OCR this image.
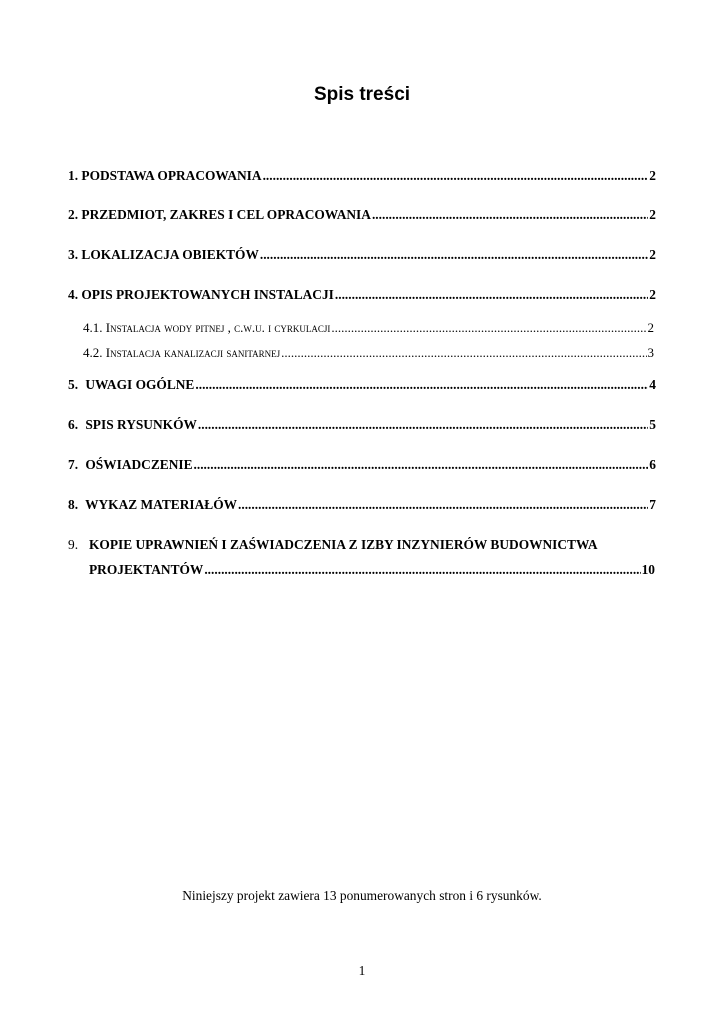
Spis treści
1. PODSTAWA OPRACOWANIA .....	2
2. PRZEDMIOT, ZAKRES I CEL OPRACOWANIA .....	2
3. LOKALIZACJA OBIEKTÓW .....	2
4. OPIS PROJEKTOWANYCH INSTALACJI .....	2
4.1. Instalacja wody pitnej , c.w.u. i cyrkulacji .....	2
4.2. Instalacja kanalizacji sanitarnej .....	3
5. UWAGI OGÓLNE .....	4
6. SPIS RYSUNKÓW .....	5
7. OŚWIADCZENIE .....	6
8. WYKAZ MATERIAŁÓW .....	7
9. KOPIE UPRAWNIEŃ I ZAŚWIADCZENIA Z IZBY INZYNIERÓW BUDOWNICTWA
PROJEKTANTÓW .....	10
Niniejszy projekt zawiera 13 ponumerowanych stron i 6 rysunków.
1
